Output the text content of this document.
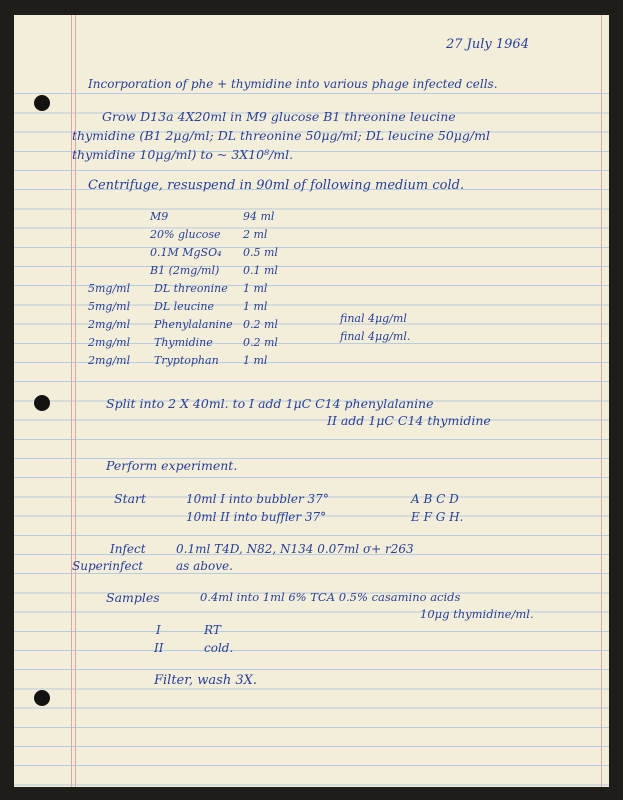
27 July 1964
Incorporation of phe + thymidine into various phage infected cells.
Grow D13a 4X20ml in M9 glucose B1 threonine leucine
thymidine (B1 2μg/ml; DL threonine 50μg/ml; DL leucine 50μg/ml
thymidine 10μg/ml) to ~ 3X10⁸/ml.
Centrifuge, resuspend in 90ml of following medium cold.
M9	94 ml
20% glucose 2 ml
0.1M MgSO₄ 0.5 ml
B1 (2mg/ml) 0.1 ml
5mg/ml DL threonine 1 ml
5mg/ml DL leucine	1 ml
2mg/ml Phenylalanine 0.2 ml	final 4μg/ml
2mg/ml Thymidine	0.2 ml	final 4μg/ml.
2mg/ml Tryptophan 1 ml
Split into 2 X 40ml. to I add 1μC C14 phenylalanine
II add 1μC C14 thymidine
Perform experiment.
Start	10ml I into bubbler 37°	A B C D
10ml II into buffler 37°	E F G H.
Infect	0.1ml T4D, N82, N134 0.07ml σ+ r263
Superinfect	as above.
Samples	0.4ml into 1ml 6% TCA 0.5% casamino acids
10μg thymidine/ml.
I	RT
II	cold.
Filter, wash 3X.
